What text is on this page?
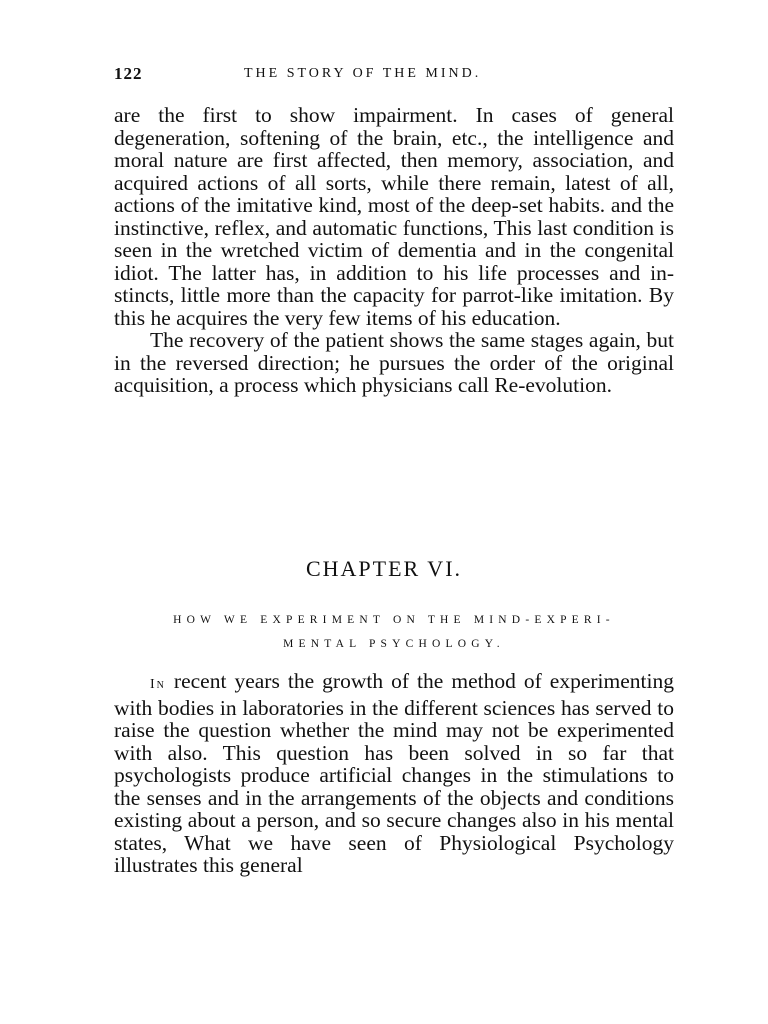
122	THE STORY OF THE MIND.

are the first to show impairment. In cases of general degeneration, softening of the brain, etc., the intelligence and moral nature are first affected, then memory, association, and acquired actions of all sorts, while there remain, latest of all, actions of the imitative kind, most of the deep-set habits. and the instinctive, reflex, and automatic functions, This last condition is seen in the wretched victim of dementia and in the congenital idiot. The latter has, in addition to his life processes and instincts, little more than the capacity for parrot-like imitation. By this he acquires the very few items of his education.

The recovery of the patient shows the same stages again, but in the reversed direction; he pursues the order of the original acquisition, a process which physicians call Re-evolution.

CHAPTER VI.
HOW WE EXPERIMENT ON THE MIND-EXPERI-
MENTAL PSYCHOLOGY.

In recent years the growth of the method of experimenting with bodies in laboratories in the different sciences has served to raise the question whether the mind may not be experimented with also. This question has been solved in so far that psychologists produce artificial changes in the stimulations to the senses and in the arrangements of the objects and conditions existing about a person, and so secure changes also in his mental states, What we have seen of Physiological Psychology illustrates this general
